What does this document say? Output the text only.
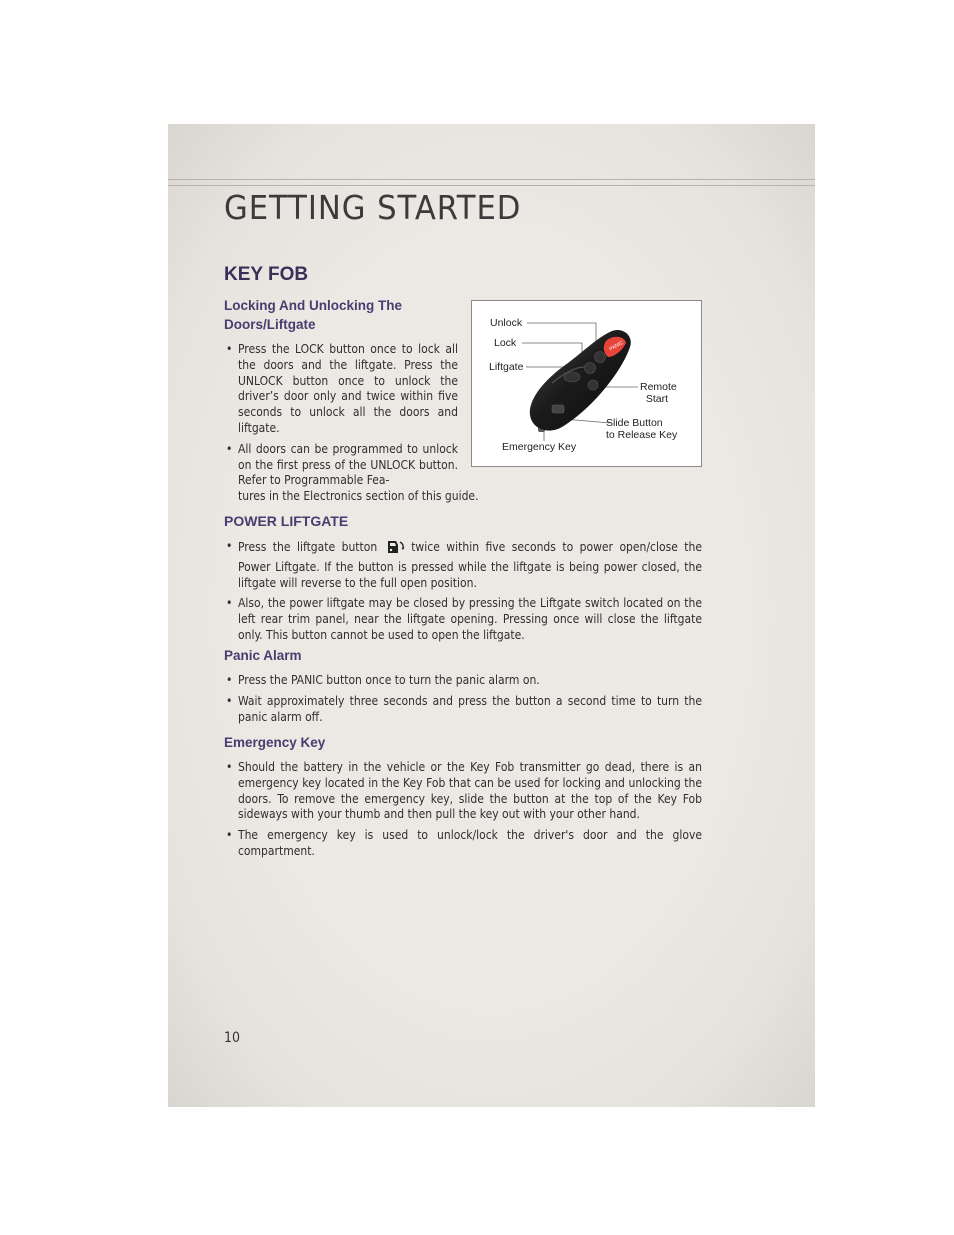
GETTING STARTED
KEY FOB
Locking And Unlocking The
Doors/Liftgate
• Press the LOCK button once to lock all the doors and the liftgate. Press the UNLOCK button once to unlock the driver’s door only and twice within five seconds to unlock all the doors and liftgate.
• All doors can be programmed to unlock on the first press of the UNLOCK button. Refer to Programmable Fea-
tures in the Electronics section of this guide.
PANIC
Unlock
Lock
Liftgate
Remote
Start
Slide Button
to Release Key
Emergency Key
POWER LIFTGATE
• Press the liftgate button	twice within five seconds to power open/close the Power Liftgate. If the button is pressed while the liftgate is being power closed, the liftgate will reverse to the full open position.
• Also, the power liftgate may be closed by pressing the Liftgate switch located on the left rear trim panel, near the liftgate opening. Pressing once will close the liftgate only. This button cannot be used to open the liftgate.
Panic Alarm
• Press the PANIC button once to turn the panic alarm on.
• Wait approximately three seconds and press the button a second time to turn the panic alarm off.
Emergency Key
• Should the battery in the vehicle or the Key Fob transmitter go dead, there is an emergency key located in the Key Fob that can be used for locking and unlocking the doors. To remove the emergency key, slide the button at the top of the Key Fob sideways with your thumb and then pull the key out with your other hand.
• The emergency key is used to unlock/lock the driver's door and the glove compartment.
10
